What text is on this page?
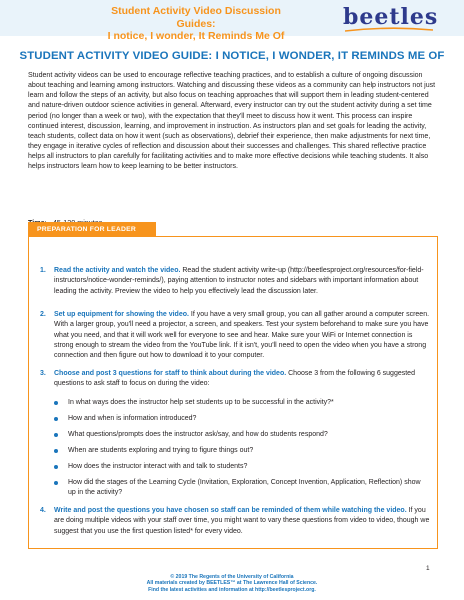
Student Activity Video Discussion Guides:
I notice, I wonder, It Reminds Me Of
beetles
STUDENT ACTIVITY VIDEO GUIDE: I NOTICE, I WONDER, IT REMINDS ME OF
Student activity videos can be used to encourage reflective teaching practices, and to establish a culture of ongoing discussion about teaching and learning among instructors. Watching and discussing these videos as a community can help instructors not just learn and follow the steps of an activity, but also focus on teaching approaches that will support them in leading student-centered and nature-driven outdoor science activities in general. Afterward, every instructor can try out the student activity during a set time period (no longer than a week or two), with the expectation that they'll meet to discuss how it went. This process can inspire continued interest, discussion, learning, and improvement in instruction. As instructors plan and set goals for leading the activity, teach students, collect data on how it went (such as observations), debrief their experience, then make adjustments for next time, they engage in iterative cycles of reflection and discussion about their successes and challenges. This shared reflective practice helps all instructors to plan carefully for facilitating activities and to make more effective decisions while teaching students. It also helps instructors learn how to keep learning to be better instructors.
PREPARATION FOR LEADER
1. Read the activity and watch the video. Read the student activity write-up (http://beetlesproject.org/resources/for-field-instructors/notice-wonder-reminds/), paying attention to instructor notes and sidebars with important information about leading the activity. Preview the video to help you effectively lead the discussion later.
2. Set up equipment for showing the video. If you have a very small group, you can all gather around a computer screen. With a larger group, you'll need a projector, a screen, and speakers. Test your system beforehand to make sure you have what you need, and that it will work well for everyone to see and hear. Make sure your WiFi or Internet connection is strong enough to stream the video from the YouTube link. If it isn't, you'll need to open the video when you have a strong connection and then figure out how to download it to your computer.
3. Choose and post 3 questions for staff to think about during the video. Choose 3 from the following 6 suggested questions to ask staff to focus on during the video:
In what ways does the instructor help set students up to be successful in the activity?*
How and when is information introduced?
What questions/prompts does the instructor ask/say, and how do students respond?
When are students exploring and trying to figure things out?
How does the instructor interact with and talk to students?
How did the stages of the Learning Cycle (Invitation, Exploration, Concept Invention, Application, Reflection) show up in the activity?
4. Write and post the questions you have chosen so staff can be reminded of them while watching the video. If you are doing multiple videos with your staff over time, you might want to vary these questions from video to video, though we suggest that you use the first question listed* for every video.
1
© 2019 The Regents of the University of California
All materials created by BEETLES™ at The Lawrence Hall of Science.
Find the latest activities and information at http://beetlesproject.org.
